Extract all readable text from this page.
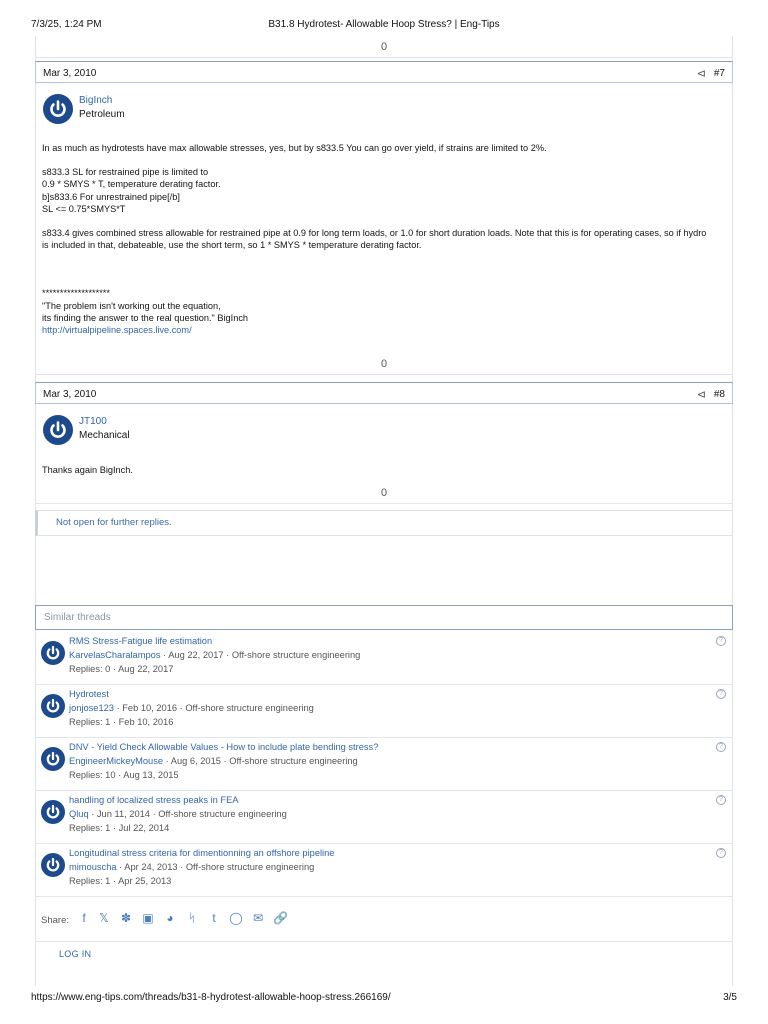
7/3/25, 1:24 PM	B31.8 Hydrotest- Allowable Hoop Stress? | Eng-Tips
0
Mar 3, 2010	⊲ #7
BigInch
Petroleum
In as much as hydrotests have max allowable stresses, yes, but by s833.5 You can go over yield, if strains are limited to 2%.
s833.3 SL for restrained pipe is limited to
0.9 * SMYS * T, temperature derating factor.
b]s833.6 For unrestrained pipe[/b]
SL <= 0.75*SMYS*T
s833.4 gives combined stress allowable for restrained pipe at 0.9 for long term loads, or 1.0 for short duration loads. Note that this is for operating cases, so if hydro
is included in that, debateable, use the short term, so 1 * SMYS * temperature derating factor.
*******************
"The problem isn't working out the equation,
its finding the answer to the real question." BigInch
http://virtualpipeline.spaces.live.com/
0
Mar 3, 2010	⊲ #8
JT100
Mechanical
Thanks again BigInch.
0
Not open for further replies.
Similar threads
RMS Stress-Fatigue life estimation
KarvelasCharalampos · Aug 22, 2017 · Off-shore structure engineering
Replies: 0 · Aug 22, 2017
?
Hydrotest
jonjose123 · Feb 10, 2016 · Off-shore structure engineering
Replies: 1 · Feb 10, 2016
?
DNV - Yield Check Allowable Values - How to include plate bending stress?
EngineerMickeyMouse · Aug 6, 2015 · Off-shore structure engineering
Replies: 10 · Aug 13, 2015
?
handling of localized stress peaks in FEA
Qluq · Jun 11, 2014 · Off-shore structure engineering
Replies: 1 · Jul 22, 2014
?
Longitudinal stress criteria for dimentionning an offshore pipeline
mimouscha · Apr 24, 2013 · Off-shore structure engineering
Replies: 1 · Apr 25, 2013
?
Share:	f	𝕏 ✽ ▣ ◕ ᛋ	t	◯ ✉ 🔗
LOG IN
https://www.eng-tips.com/threads/b31-8-hydrotest-allowable-hoop-stress.266169/	3/5
